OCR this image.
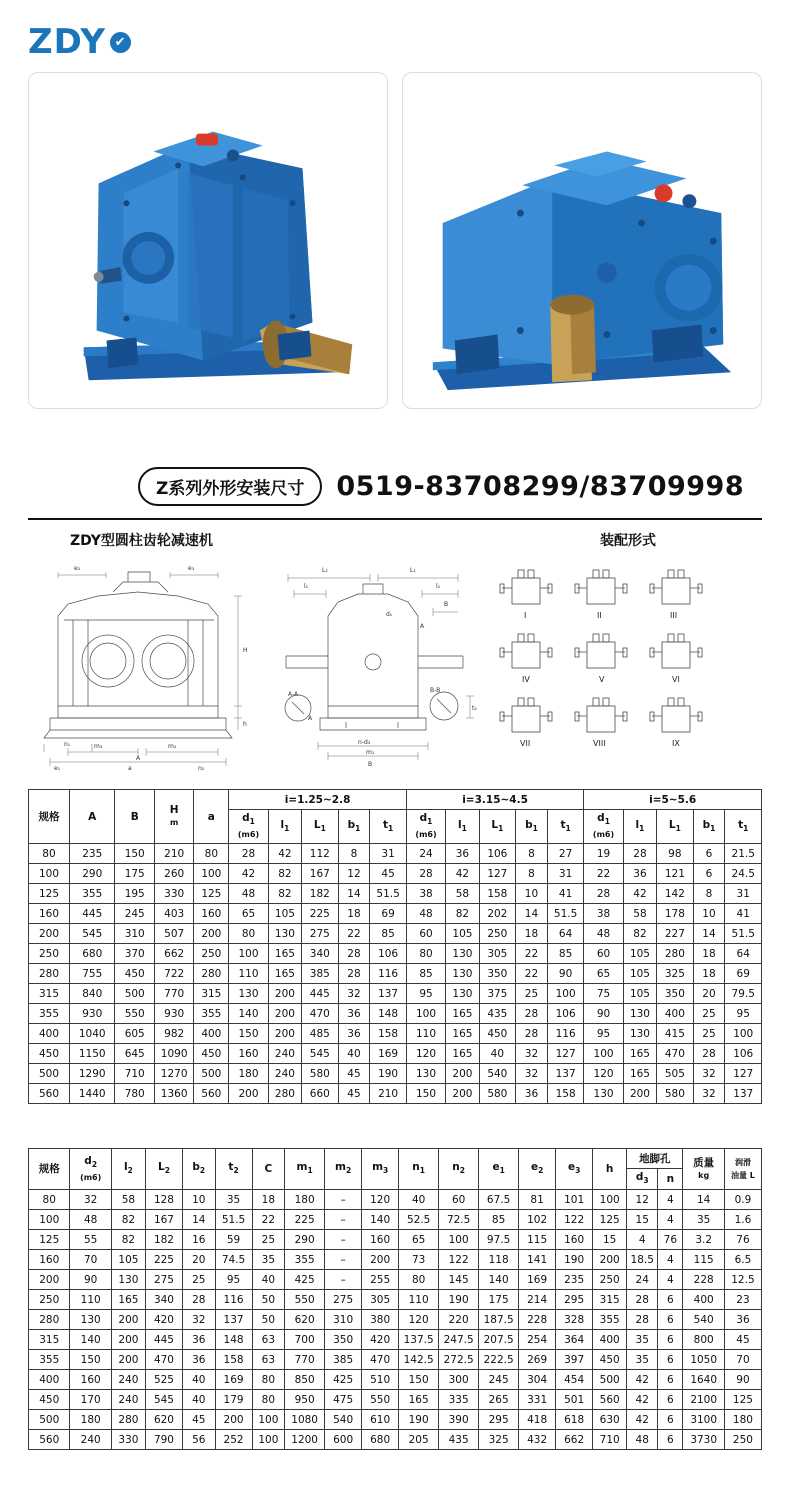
ZDY ✔
Z系列外形安装尺寸	0519-83708299/83709998
ZDY型圆柱齿轮减速机	装配形式
e₂	e₃
H
h
n₁	m₃	m₂
e₁	a	n₂
A
L₂	L₁
l₁	l₂
B
A
d₁
A-A
A
B-B
n-d₃
m₁
B
t₂
I	II	III
IV	V	VI
VII	VIII	IX
规格	A	B	H
m	a	i=1.25~2.8					i=3.15~4.5					i=5~5.6				
					$d_1$
(m6)	$l_1$	$L_1$	$b_1$	$t_1$	$d_1$
(m6)	$l_1$	$L_1$	$b_1$	$t_1$	$d_1$
(m6)	$l_1$	$L_1$	$b_1$	$t_1$
80	235	150	210	80	28	42	112	8	31	24	36	106	8	27	19	28	98	6	21.5
100	290	175	260	100	42	82	167	12	45	28	42	127	8	31	22	36	121	6	24.5
125	355	195	330	125	48	82	182	14	51.5	38	58	158	10	41	28	42	142	8	31
160	445	245	403	160	65	105	225	18	69	48	82	202	14	51.5	38	58	178	10	41
200	545	310	507	200	80	130	275	22	85	60	105	250	18	64	48	82	227	14	51.5
250	680	370	662	250	100	165	340	28	106	80	130	305	22	85	60	105	280	18	64
280	755	450	722	280	110	165	385	28	116	85	130	350	22	90	65	105	325	18	69
315	840	500	770	315	130	200	445	32	137	95	130	375	25	100	75	105	350	20	79.5
355	930	550	930	355	140	200	470	36	148	100	165	435	28	106	90	130	400	25	95
400	1040	605	982	400	150	200	485	36	158	110	165	450	28	116	95	130	415	25	100
450	1150	645	1090	450	160	240	545	40	169	120	165	40	32	127	100	165	470	28	106
500	1290	710	1270	500	180	240	580	45	190	130	200	540	32	137	120	165	505	32	127
560	1440	780	1360	560	200	280	660	45	210	150	200	580	36	158	130	200	580	32	137
规格	$d_2$
(m6)	$l_2$	$L_2$	$b_2$	$t_2$	C	$m_1$	$m_2$	$m_3$	$n_1$	$n_2$	$e_1$	$e_2$	$e_3$	h	地脚孔		质量
kg	润滑
油量 L
																$d_3$	n		
80	32	58	128	10	35	18	180	–	120	40	60	67.5	81	101	100	12	4	14	0.9
100	48	82	167	14	51.5	22	225	–	140	52.5	72.5	85	102	122	125	15	4	35	1.6
125	55	82	182	16	59	25	290	–	160	65	100	97.5	115	160	15	4	76	3.2	76
160	70	105	225	20	74.5	35	355	–	200	73	122	118	141	190	200	18.5	4	115	6.5
200	90	130	275	25	95	40	425	–	255	80	145	140	169	235	250	24	4	228	12.5
250	110	165	340	28	116	50	550	275	305	110	190	175	214	295	315	28	6	400	23
280	130	200	420	32	137	50	620	310	380	120	220	187.5	228	328	355	28	6	540	36
315	140	200	445	36	148	63	700	350	420	137.5	247.5	207.5	254	364	400	35	6	800	45
355	150	200	470	36	158	63	770	385	470	142.5	272.5	222.5	269	397	450	35	6	1050	70
400	160	240	525	40	169	80	850	425	510	150	300	245	304	454	500	42	6	1640	90
450	170	240	545	40	179	80	950	475	550	165	335	265	331	501	560	42	6	2100	125
500	180	280	620	45	200	100	1080	540	610	190	390	295	418	618	630	42	6	3100	180
560	240	330	790	56	252	100	1200	600	680	205	435	325	432	662	710	48	6	3730	250
